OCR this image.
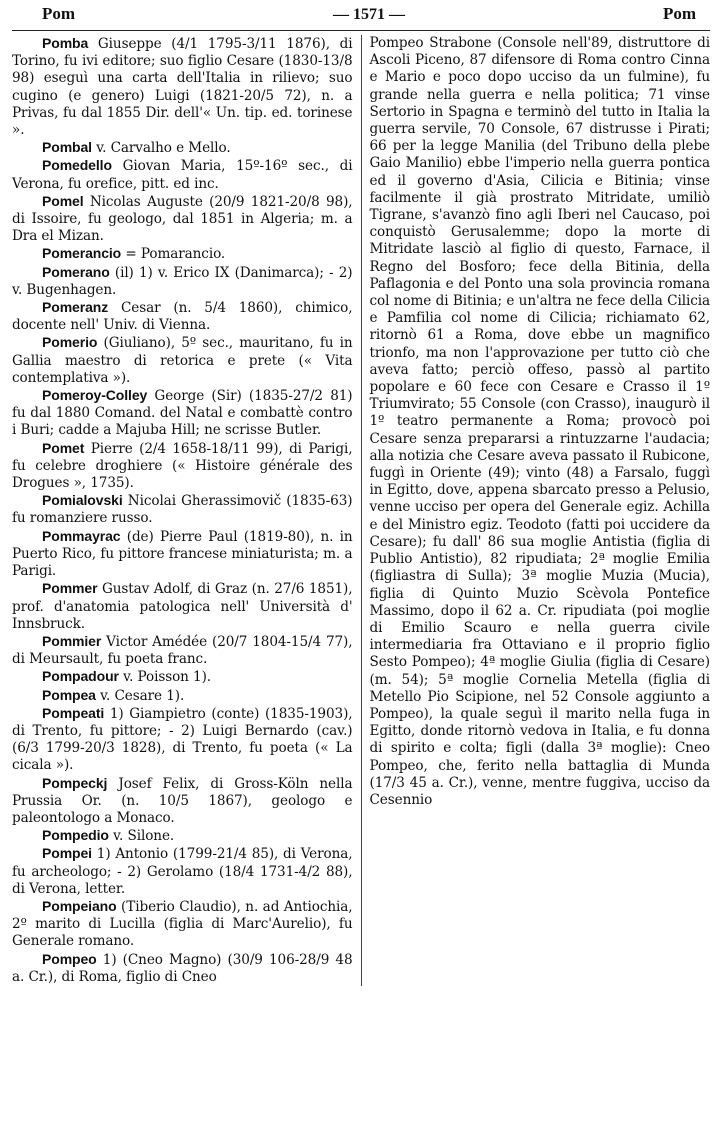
Pom	— 1571 —	Pom

Pomba Giuseppe (4/1 1795-3/11 1876), di Torino, fu ivi editore; suo figlio Cesare (1830-13/8 98) eseguì una carta dell'Italia in rilievo; suo cugino (e genero) Luigi (1821-20/5 72), n. a Privas, fu dal 1855 Dir. dell'« Un. tip. ed. torinese ».

Pombal v. Carvalho e Mello.

Pomedello Giovan Maria, 15º-16º sec., di Verona, fu orefice, pitt. ed inc.

Pomel Nicolas Auguste (20/9 1821-20/8 98), di Issoire, fu geologo, dal 1851 in Algeria; m. a Dra el Mizan.

Pomerancio = Pomarancio.

Pomerano (il) 1) v. Erico IX (Danimarca); - 2) v. Bugenhagen.

Pomeranz Cesar (n. 5/4 1860), chimico, docente nell' Univ. di Vienna.

Pomerio (Giuliano), 5º sec., mauritano, fu in Gallia maestro di retorica e prete (« Vita contemplativa »).

Pomeroy-Colley George (Sir) (1835-27/2 81) fu dal 1880 Comand. del Natal e combattè contro i Buri; cadde a Majuba Hill; ne scrisse Butler.

Pomet Pierre (2/4 1658-18/11 99), di Parigi, fu celebre droghiere (« Histoire générale des Drogues », 1735).

Pomialovski Nicolai Gherassimovič (1835-63) fu romanziere russo.

Pommayrac (de) Pierre Paul (1819-80), n. in Puerto Rico, fu pittore francese miniaturista; m. a Parigi.

Pommer Gustav Adolf, di Graz (n. 27/6 1851), prof. d'anatomia patologica nell' Università d' Innsbruck.

Pommier Victor Amédée (20/7 1804-15/4 77), di Meursault, fu poeta franc.

Pompadour v. Poisson 1).

Pompea v. Cesare 1).

Pompeati 1) Giampietro (conte) (1835-1903), di Trento, fu pittore; - 2) Luigi Bernardo (cav.) (6/3 1799-20/3 1828), di Trento, fu poeta (« La cicala »).

Pompeckj Josef Felix, di Gross-Köln nella Prussia Or. (n. 10/5 1867), geologo e paleontologo a Monaco.

Pompedio v. Silone.

Pompei 1) Antonio (1799-21/4 85), di Verona, fu archeologo; - 2) Gerolamo (18/4 1731-4/2 88), di Verona, letter.

Pompeiano (Tiberio Claudio), n. ad Antiochia, 2º marito di Lucilla (figlia di Marc'Aurelio), fu Generale romano.

Pompeo 1) (Cneo Magno) (30/9 106-28/9 48 a. Cr.), di Roma, figlio di Cneo

Pompeo Strabone (Console nell'89, distruttore di Ascoli Piceno, 87 difensore di Roma contro Cinna e Mario e poco dopo ucciso da un fulmine), fu grande nella guerra e nella politica; 71 vinse Sertorio in Spagna e terminò del tutto in Italia la guerra servile, 70 Console, 67 distrusse i Pirati; 66 per la legge Manilia (del Tribuno della plebe Gaio Manilio) ebbe l'imperio nella guerra pontica ed il governo d'Asia, Cilicia e Bitinia; vinse facilmente il già prostrato Mitridate, umiliò Tigrane, s'avanzò fino agli Iberi nel Caucaso, poi conquistò Gerusalemme; dopo la morte di Mitridate lasciò al figlio di questo, Farnace, il Regno del Bosforo; fece della Bitinia, della Paflagonia e del Ponto una sola provincia romana col nome di Bitinia; e un'altra ne fece della Cilicia e Pamfilia col nome di Cilicia; richiamato 62, ritornò 61 a Roma, dove ebbe un magnifico trionfo, ma non l'approvazione per tutto ciò che aveva fatto; perciò offeso, passò al partito popolare e 60 fece con Cesare e Crasso il 1º Triumvirato; 55 Console (con Crasso), inaugurò il 1º teatro permanente a Roma; provocò poi Cesare senza prepararsi a rintuzzarne l'audacia; alla notizia che Cesare aveva passato il Rubicone, fuggì in Oriente (49); vinto (48) a Farsalo, fuggì in Egitto, dove, appena sbarcato presso a Pelusio, venne ucciso per opera del Generale egiz. Achilla e del Ministro egiz. Teodoto (fatti poi uccidere da Cesare); fu dall' 86 sua moglie Antistia (figlia di Publio Antistio), 82 ripudiata; 2ª moglie Emilia (figliastra di Sulla); 3ª moglie Muzia (Mucia), figlia di Quinto Muzio Scèvola Pontefice Massimo, dopo il 62 a. Cr. ripudiata (poi moglie di Emilio Scauro e nella guerra civile intermediaria fra Ottaviano e il proprio figlio Sesto Pompeo); 4ª moglie Giulia (figlia di Cesare) (m. 54); 5ª moglie Cornelia Metella (figlia di Metello Pio Scipione, nel 52 Console aggiunto a Pompeo), la quale seguì il marito nella fuga in Egitto, donde ritornò vedova in Italia, e fu donna di spirito e colta; figli (dalla 3ª moglie): Cneo Pompeo, che, ferito nella battaglia di Munda (17/3 45 a. Cr.), venne, mentre fuggiva, ucciso da Cesennio
